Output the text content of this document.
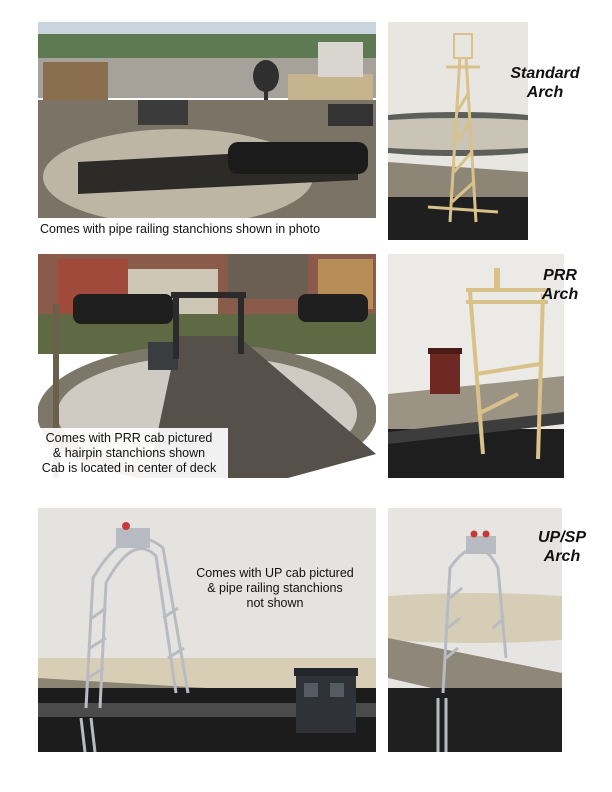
Comes with pipe railing stanchions shown in photo
Standard
Arch
Comes with PRR cab pictured
& hairpin stanchions shown
Cab is located in center of deck
PRR
Arch
Comes with UP cab pictured
& pipe railing stanchions
not shown
UP/SP
Arch
